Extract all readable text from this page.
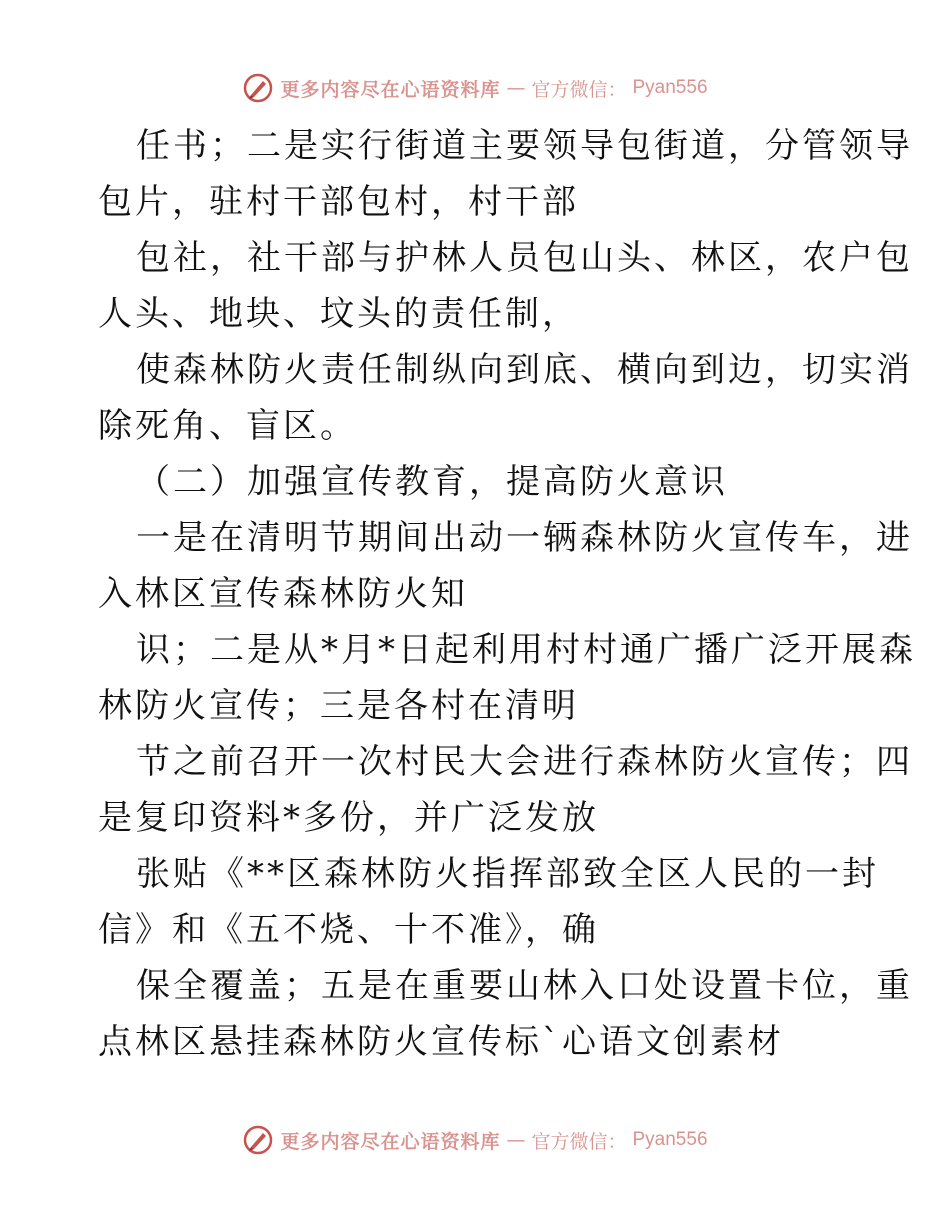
更多内容尽在心语资料库 — 官方微信： Pyan556
任书；二是实行街道主要领导包街道，分管领导
包片，驻村干部包村，村干部
包社，社干部与护林人员包山头、林区，农户包
人头、地块、坟头的责任制，
使森林防火责任制纵向到底、横向到边，切实消
除死角、盲区。
（二）加强宣传教育，提高防火意识
一是在清明节期间出动一辆森林防火宣传车，进
入林区宣传森林防火知
识；二是从*月*日起利用村村通广播广泛开展森
林防火宣传；三是各村在清明
节之前召开一次村民大会进行森林防火宣传；四
是复印资料*多份，并广泛发放
张贴《**区森林防火指挥部致全区人民的一封
信》和《五不烧、十不准》，确
保全覆盖；五是在重要山林入口处设置卡位，重
点林区悬挂森林防火宣传标`心语文创素材
更多内容尽在心语资料库 — 官方微信： Pyan556
